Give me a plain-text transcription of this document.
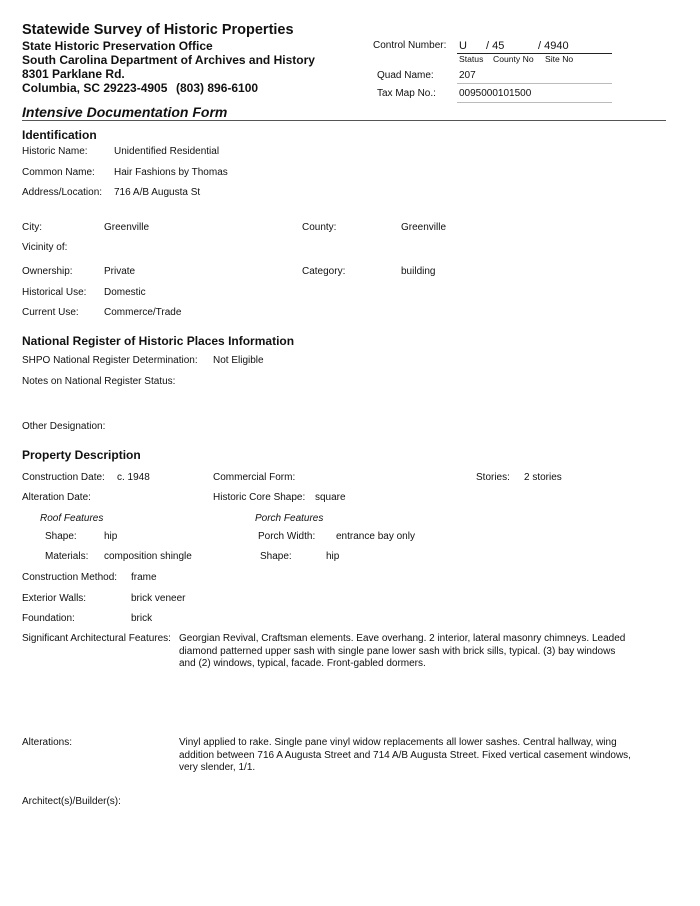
Statewide Survey of Historic Properties
State Historic Preservation Office
South Carolina Department of Archives and History
8301 Parklane Rd.
Columbia, SC 29223-4905 (803) 896-6100
Control Number: U / 45	/ 4940
Status County No Site No
Quad Name:	207
Tax Map No.: 0095000101500
Intensive Documentation Form
Identification
Historic Name:	Unidentified Residential
Common Name: Hair Fashions by Thomas
Address/Location: 716 A/B Augusta St
City:	Greenville	County:	Greenville
Vicinity of:
Ownership:	Private	Category:	building
Historical Use: Domestic
Current Use:	Commerce/Trade
National Register of Historic Places Information
SHPO National Register Determination: Not Eligible
Notes on National Register Status:
Other Designation:
Property Description
Construction Date: c. 1948	Commercial Form:	Stories: 2 stories
Alteration Date:	Historic Core Shape: square
Roof Features	Porch Features
Shape:	hip	Porch Width: entrance bay only
Materials: composition shingle	Shape:	hip
Construction Method: frame
Exterior Walls:	brick veneer
Foundation:	brick
Significant Architectural Features: Georgian Revival, Craftsman elements. Eave overhang. 2 interior, lateral masonry chimneys. Leaded diamond patterned upper sash with single pane lower sash with brick sills, typical. (3) bay windows and (2) windows, typical, facade. Front-gabled dormers.
Alterations:	Vinyl applied to rake. Single pane vinyl widow replacements all lower sashes. Central hallway, wing addition between 716 A Augusta Street and 714 A/B Augusta Street. Fixed vertical casement windows, very slender, 1/1.
Architect(s)/Builder(s):
